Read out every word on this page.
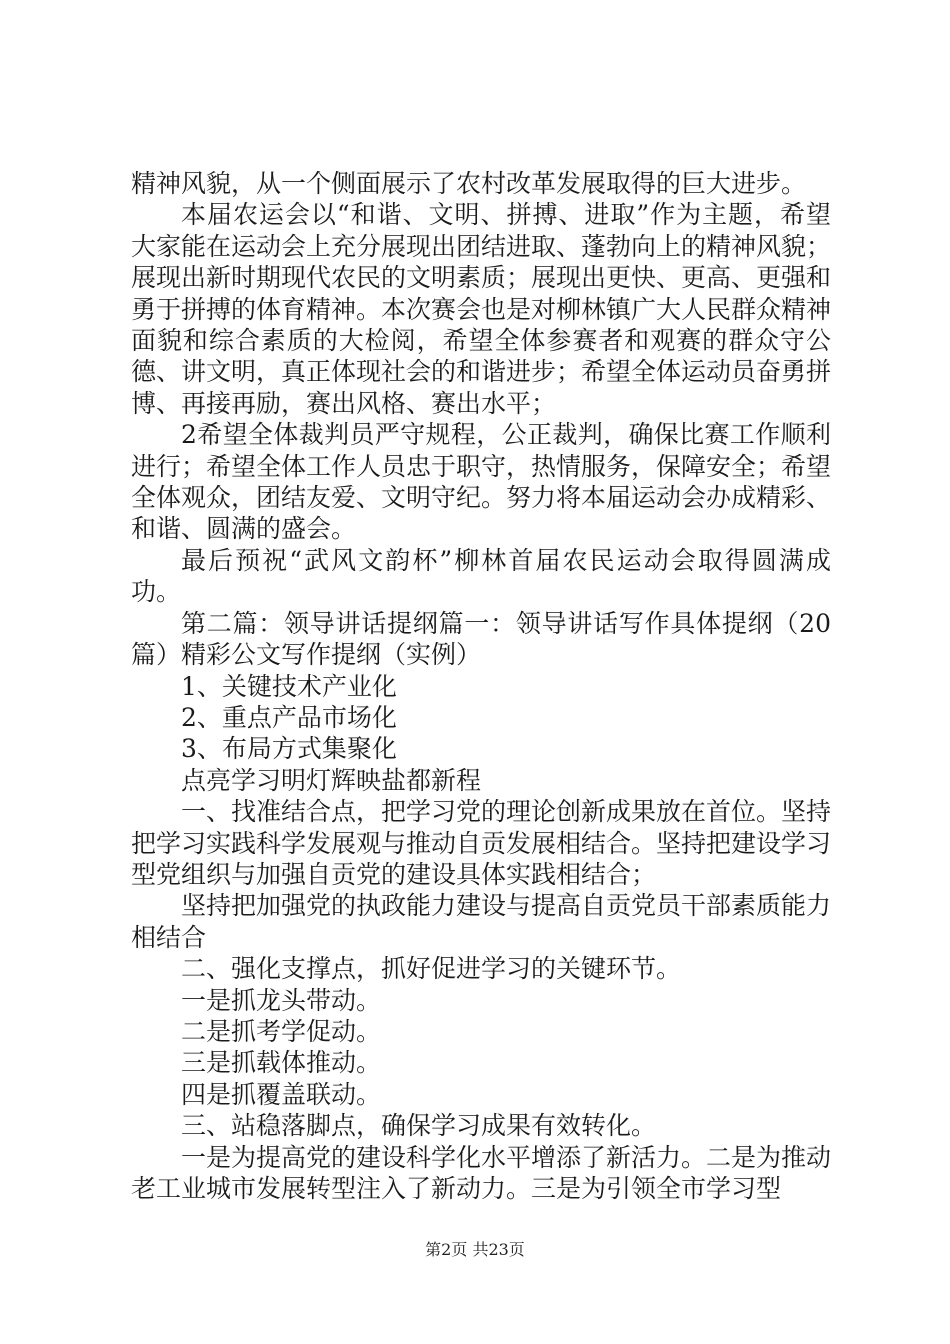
精神风貌，从一个侧面展示了农村改革发展取得的巨大进步。

本届农运会以“和谐、文明、拼搏、进取”作为主题，希望大家能在运动会上充分展现出团结进取、蓬勃向上的精神风貌；展现出新时期现代农民的文明素质；展现出更快、更高、更强和勇于拼搏的体育精神。本次赛会也是对柳林镇广大人民群众精神面貌和综合素质的大检阅，希望全体参赛者和观赛的群众守公德、讲文明，真正体现社会的和谐进步；希望全体运动员奋勇拼博、再接再励，赛出风格、赛出水平；

2希望全体裁判员严守规程，公正裁判，确保比赛工作顺利进行；希望全体工作人员忠于职守，热情服务，保障安全；希望全体观众，团结友爱、文明守纪。努力将本届运动会办成精彩、和谐、圆满的盛会。

最后预祝“武风文韵杯”柳林首届农民运动会取得圆满成功。

第二篇：领导讲话提纲篇一：领导讲话写作具体提纲（20篇）精彩公文写作提纲（实例）

1、关键技术产业化

2、重点产品市场化

3、布局方式集聚化

点亮学习明灯辉映盐都新程

一、找准结合点，把学习党的理论创新成果放在首位。坚持把学习实践科学发展观与推动自贡发展相结合。坚持把建设学习型党组织与加强自贡党的建设具体实践相结合；

坚持把加强党的执政能力建设与提高自贡党员干部素质能力相结合

二、强化支撑点，抓好促进学习的关键环节。

一是抓龙头带动。

二是抓考学促动。

三是抓载体推动。

四是抓覆盖联动。

三、站稳落脚点，确保学习成果有效转化。

一是为提高党的建设科学化水平增添了新活力。二是为推动老工业城市发展转型注入了新动力。三是为引领全市学习型

第2页 共23页
